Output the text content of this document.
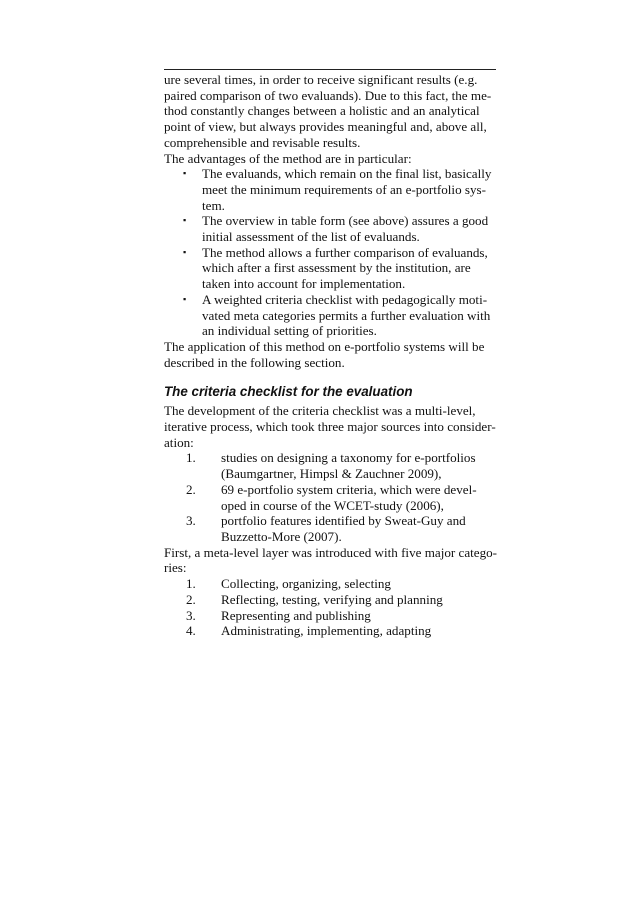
ure several times, in order to receive significant results (e.g.
paired comparison of two evaluands). Due to this fact, the me-
thod constantly changes between a holistic and an analytical
point of view, but always provides meaningful and, above all,
comprehensible and revisable results.
The advantages of the method are in particular:

▪ The evaluands, which remain on the final list, basically
meet the minimum requirements of an e-portfolio sys-
tem.
▪ The overview in table form (see above) assures a good
initial assessment of the list of evaluands.
▪ The method allows a further comparison of evaluands,
which after a first assessment by the institution, are
taken into account for implementation.
▪ A weighted criteria checklist with pedagogically moti-
vated meta categories permits a further evaluation with
an individual setting of priorities.

The application of this method on e-portfolio systems will be
described in the following section.

The criteria checklist for the evaluation

The development of the criteria checklist was a multi-level,
iterative process, which took three major sources into consider-
ation:

1. studies on designing a taxonomy for e-portfolios
(Baumgartner, Himpsl & Zauchner 2009),
2. 69 e-portfolio system criteria, which were devel-
oped in course of the WCET-study (2006),
3. portfolio features identified by Sweat-Guy and
Buzzetto-More (2007).

First, a meta-level layer was introduced with five major catego-
ries:

1. Collecting, organizing, selecting
2. Reflecting, testing, verifying and planning
3. Representing and publishing
4. Administrating, implementing, adapting
